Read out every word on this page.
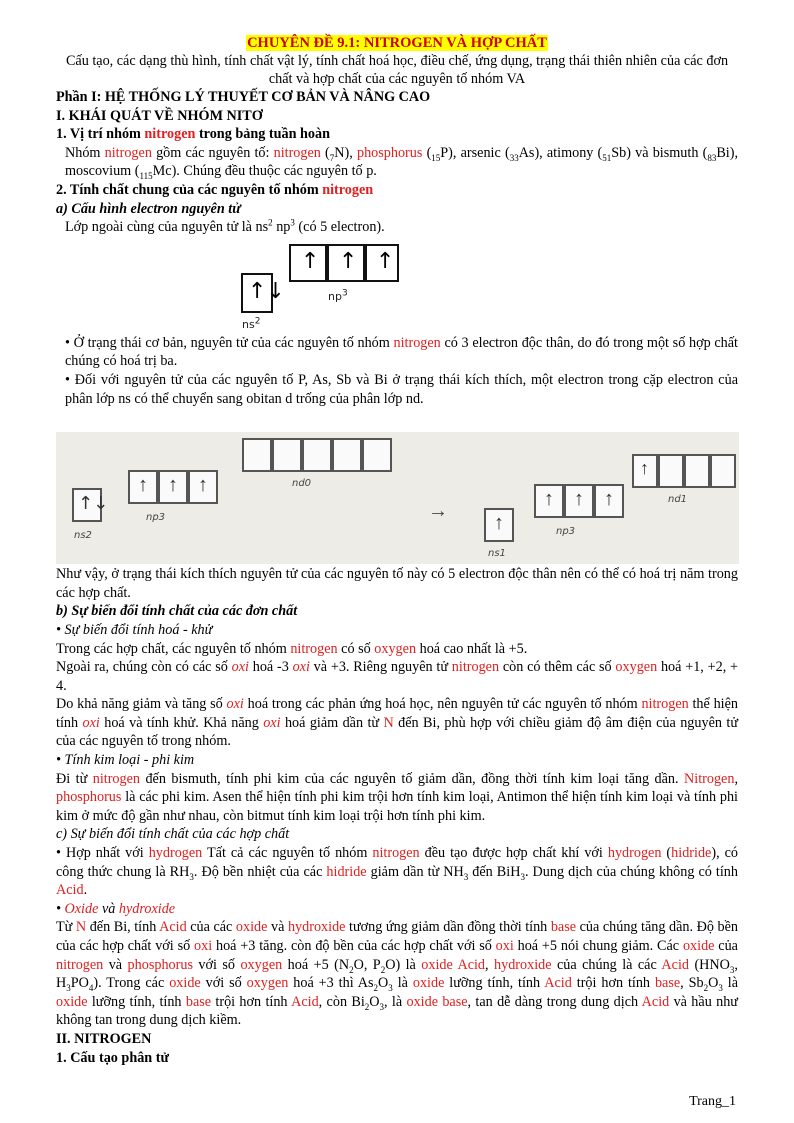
CHUYÊN ĐỀ 9.1: NITROGEN VÀ HỢP CHẤT

Cấu tạo, các dạng thù hình, tính chất vật lý, tính chất hoá học, điều chế, ứng dụng, trạng thái thiên nhiên của các đơn chất và hợp chất của các nguyên tố nhóm VA

Phần I: HỆ THỐNG LÝ THUYẾT CƠ BẢN VÀ NÂNG CAO

I. KHÁI QUÁT VỀ NHÓM NITƠ

1. Vị trí nhóm nitrogen trong bảng tuần hoàn

Nhóm nitrogen gồm các nguyên tố: nitrogen $(_7N)$, phosphorus $(_{15}P)$, arsenic $(_{33}As)$, atimony $(_{51}Sb)$ và bismuth $(_{83}Bi)$, moscovium $(_{115}Mc)$. Chúng đều thuộc các nguyên tố p.

2. Tính chất chung của các nguyên tố nhóm nitrogen

a) Cấu hình electron nguyên tử

Lớp ngoài cùng của nguyên tử là $ns^2$ $np^3$ (có 5 electron).

• Ở trạng thái cơ bản, nguyên tử của các nguyên tố nhóm nitrogen có 3 electron độc thân, do đó trong một số hợp chất chúng có hoá trị ba.

• Đối với nguyên tử của các nguyên tố P, As, Sb và Bi ở trạng thái kích thích, một electron trong cặp electron của phân lớp ns có thể chuyển sang obitan d trống của phân lớp nd.

Như vậy, ở trạng thái kích thích nguyên tử của các nguyên tố này có 5 electron độc thân nên có thể có hoá trị năm trong các hợp chất.

b) Sự biến đổi tính chất của các đơn chất

• Sự biến đổi tính hoá - khử

Trong các hợp chất, các nguyên tố nhóm nitrogen có số oxygen hoá cao nhất là +5.

Ngoài ra, chúng còn có các số oxi hoá -3 oxi và +3. Riêng nguyên tử nitrogen còn có thêm các số oxygen hoá +1, +2, + 4.

Do khả năng giảm và tăng số oxi hoá trong các phản ứng hoá học, nên nguyên tử các nguyên tố nhóm nitrogen thể hiện tính oxi hoá và tính khử. Khả năng oxi hoá giảm dần từ N đến Bi, phù hợp với chiều giảm độ âm điện của nguyên tử của các nguyên tố trong nhóm.

• Tính kim loại - phi kim

Đi từ nitrogen đến bismuth, tính phi kim của các nguyên tố giảm dần, đồng thời tính kim loại tăng dần. Nitrogen, phosphorus là các phi kim. Asen thể hiện tính phi kim trội hơn tính kim loại, Antimon thể hiện tính kim loại và tính phi kim ở mức độ gần như nhau, còn bitmut tính kim loại trội hơn tính phi kim.

c) Sự biến đổi tính chất của các hợp chất

• Hợp nhất với hydrogen Tất cả các nguyên tố nhóm nitrogen đều tạo được hợp chất khí với hydrogen (hidride), có công thức chung là $RH_3$. Độ bền nhiệt của các hidride giảm dần từ $NH_3$ đến BiH$_3$. Dung dịch của chúng không có tính Acid.

• Oxide và hydroxide

Từ N đến Bi, tính Acid của các oxide và hydroxide tương ứng giảm dần đồng thời tính base của chúng tăng dần. Độ bền của các hợp chất với số oxi hoá +3 tăng. còn độ bền của các hợp chất với số oxi hoá +5 nói chung giảm. Các oxide của nitrogen và phosphorus với số oxygen hoá +5 ($N_2O$, $P_2O$) là oxide Acid, hydroxide của chúng là các Acid ($HNO_3$, $H_3PO_4$). Trong các oxide với số oxygen hoá +3 thì $As_2O_3$ là oxide lưỡng tính, tính Acid trội hơn tính base, $Sb_2O_3$ là oxide lưỡng tính, tính base trội hơn tính Acid, còn $Bi_2O_3$, là oxide base, tan dễ dàng trong dung dịch Acid và hầu như không tan trong dung dịch kiềm.

II. NITROGEN

1. Cấu tạo phân tử

↑↓
$ns^2$
↑ ↑ ↑
$np^3$
↑↓
ns2
↑ ↑ ↑
np3
nd0
→
↑
ns1
↑ ↑ ↑
np3
↑
nd1
Trang_1
